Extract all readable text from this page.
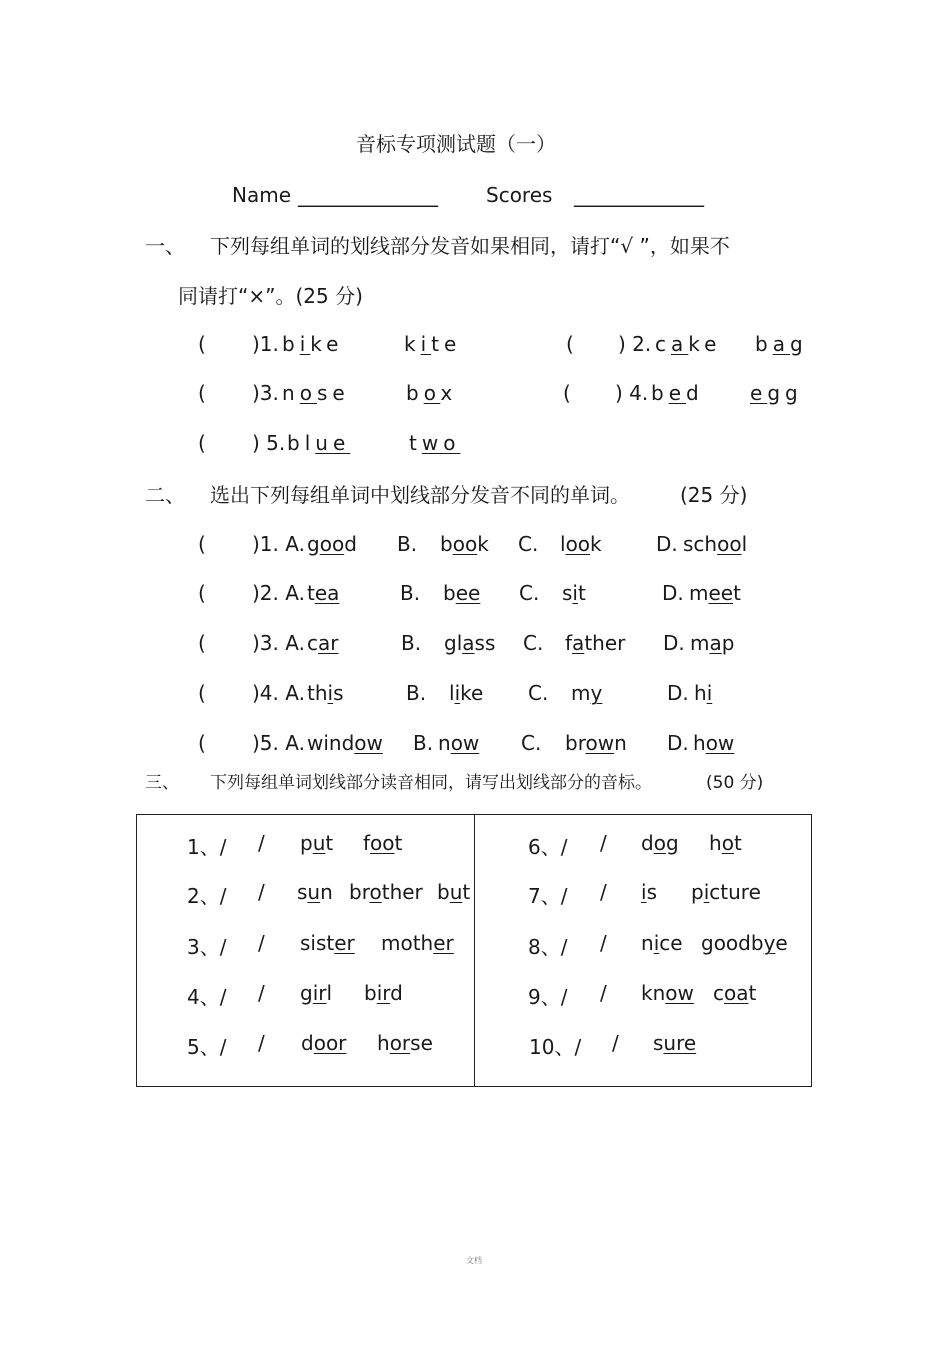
音标专项测试题（一）
Name ______________ Scores _____________
一、 下列每组单词的划线部分发音如果相同，请打“√ ”，如果不
同请打“×”。(25 分)
( )1. bike	kite	( ) 2. cake bag
( )3. nose	box	( ) 4. bed egg
( ) 5. blue	two
二、 选出下列每组单词中划线部分发音不同的单词。	(25 分)
( )1. A. good B. book C. look	D. school
( )2. A. tea	B. bee C. sit	D. meet
( )3. A. car	B. glass C. father D. map
( )4. A. this	B. like C. my	D. hi
( )5. A. window B. now C. brown D. how
三、 下列每组单词划线部分读音相同，请写出划线部分的音标。	(50 分)
1、/ / put foot
2、/ / sun brother but
3、/ / sister mother
4、/ / girl bird
5、/ / door horse
6、/ / dog hot
7、/ / is picture
8、/ / nice goodbye
9、/ / know coat
10、/ / sure
文档
